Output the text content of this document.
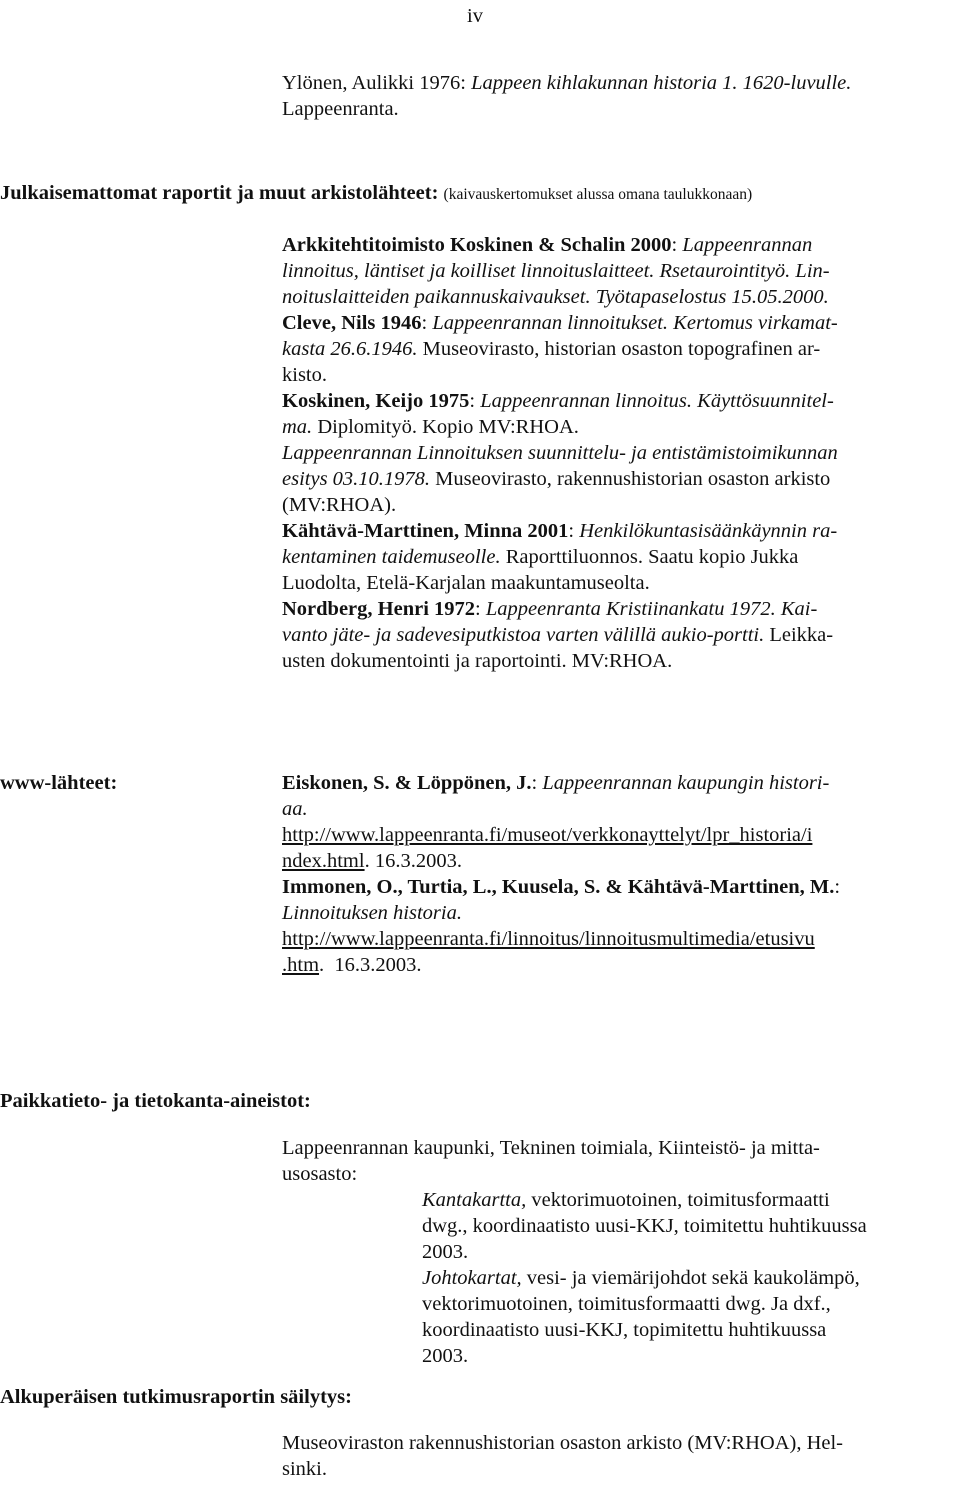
iv
Ylönen, Aulikki 1976: Lappeen kihlakunnan historia 1. 1620-luvulle.
Lappeenranta.
Julkaisemattomat raportit ja muut arkistolähteet: (kaivauskertomukset alussa omana taulukkonaan)
Arkkitehtitoimisto Koskinen & Schalin 2000: Lappeenrannan
linnoitus, läntiset ja koilliset linnoituslaitteet. Rsetaurointityö. Lin-
noituslaitteiden paikannuskaivaukset. Työtapaselostus 15.05.2000.
Cleve, Nils 1946: Lappeenrannan linnoitukset. Kertomus virkamat-
kasta 26.6.1946. Museovirasto, historian osaston topografinen ar-
kisto.
Koskinen, Keijo 1975: Lappeenrannan linnoitus. Käyttösuunnitel-
ma. Diplomityö. Kopio MV:RHOA.
Lappeenrannan Linnoituksen suunnittelu- ja entistämistoimikunnan
esitys 03.10.1978. Museovirasto, rakennushistorian osaston arkisto
(MV:RHOA).
Kähtävä-Marttinen, Minna 2001: Henkilökuntasisäänkäynnin ra-
kentaminen taidemuseolle. Raporttiluonnos. Saatu kopio Jukka
Luodolta, Etelä-Karjalan maakuntamuseolta.
Nordberg, Henri 1972: Lappeenranta Kristiinankatu 1972. Kai-
vanto jäte- ja sadevesiputkistoa varten välillä aukio-portti. Leikka-
usten dokumentointi ja raportointi. MV:RHOA.
www-lähteet:	Eiskonen, S. & Löppönen, J.: Lappeenrannan kaupungin histori-
aa.
http://www.lappeenranta.fi/museot/verkkonayttelyt/lpr_historia/i
ndex.html. 16.3.2003.
Immonen, O., Turtia, L., Kuusela, S. & Kähtävä-Marttinen, M.:
Linnoituksen historia.
http://www.lappeenranta.fi/linnoitus/linnoitusmultimedia/etusivu
.htm.  16.3.2003.
Paikkatieto- ja tietokanta-aineistot:
Lappeenrannan kaupunki, Tekninen toimiala, Kiinteistö- ja mitta-
usosasto:
Kantakartta, vektorimuotoinen, toimitusformaatti
dwg., koordinaatisto uusi-KKJ, toimitettu huhtikuussa
2003.
Johtokartat, vesi- ja viemärijohdot sekä kaukolämpö,
vektorimuotoinen, toimitusformaatti dwg. Ja dxf.,
koordinaatisto uusi-KKJ, topimitettu huhtikuussa
2003.
Alkuperäisen tutkimusraportin säilytys:
Museoviraston rakennushistorian osaston arkisto (MV:RHOA), Hel-
sinki.
